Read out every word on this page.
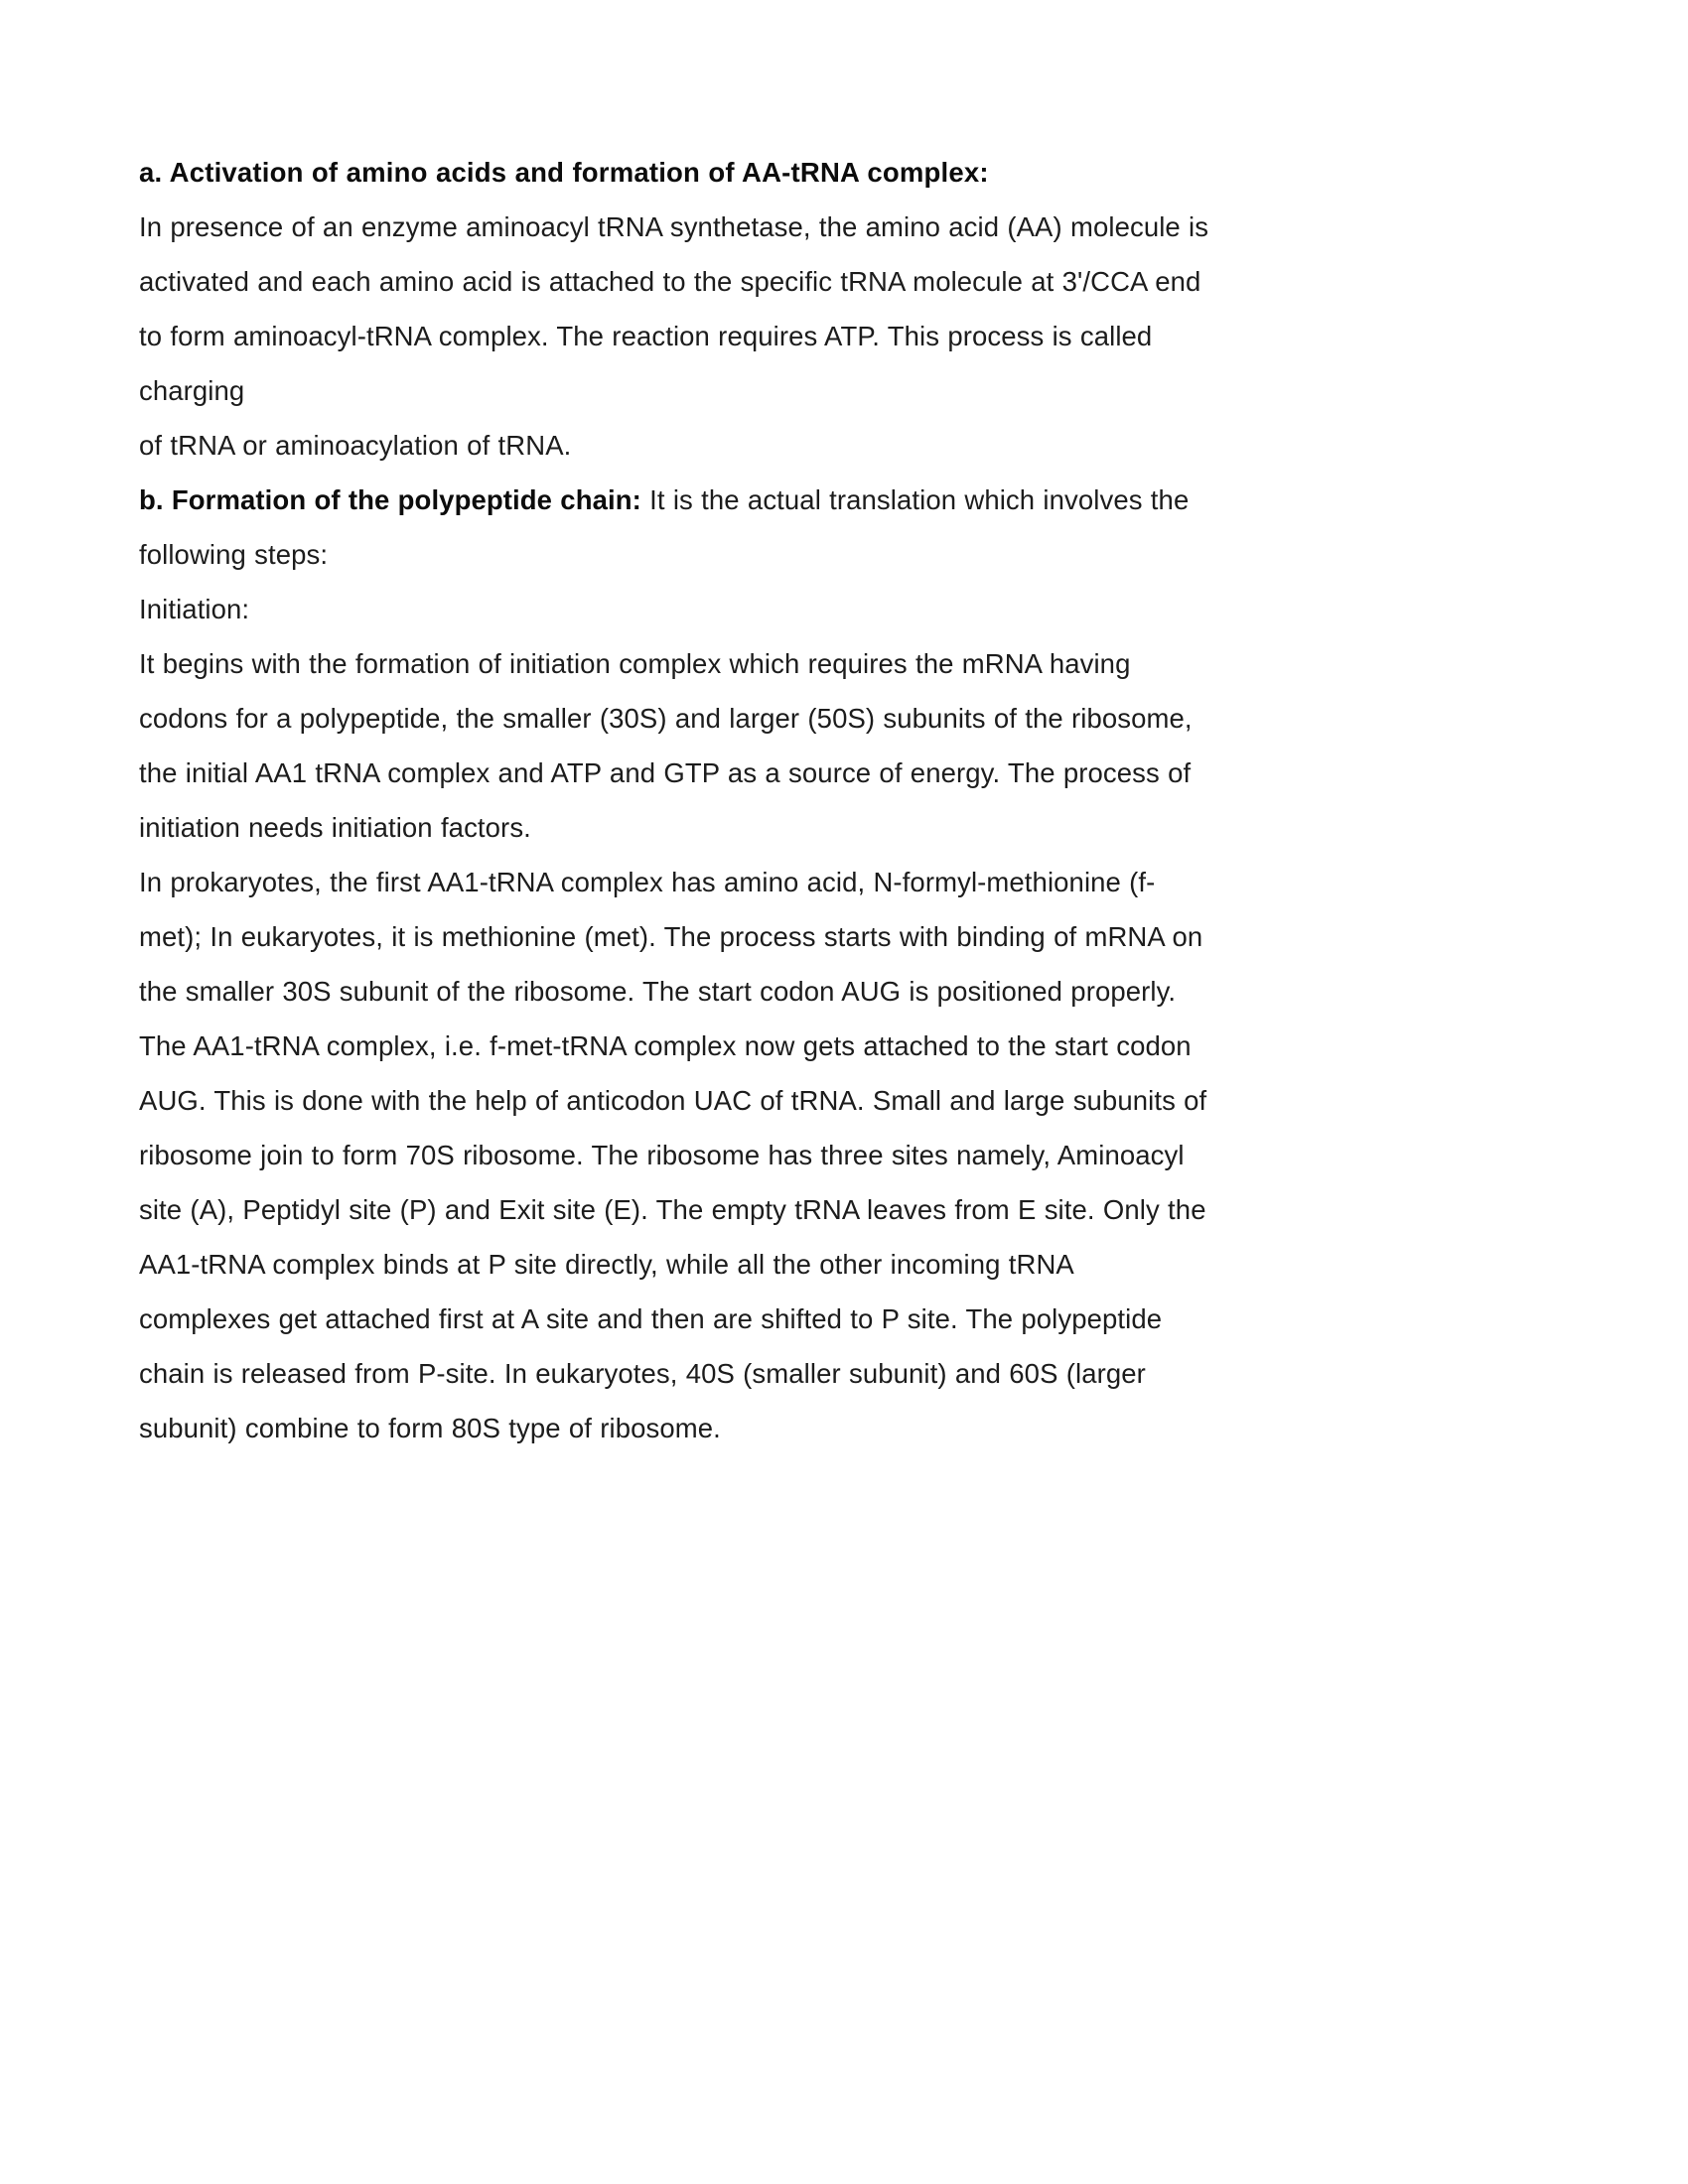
a. Activation of amino acids and formation of AA-tRNA complex:
In presence of an enzyme aminoacyl tRNA synthetase, the amino acid (AA) molecule is
activated and each amino acid is attached to the specific tRNA molecule at 3'/CCA end
to form aminoacyl-tRNA complex. The reaction requires ATP. This process is called
charging
of tRNA or aminoacylation of tRNA.
b. Formation of the polypeptide chain: It is the actual translation which involves the
following steps:
Initiation:
It begins with the formation of initiation complex which requires the mRNA having
codons for a polypeptide, the smaller (30S) and larger (50S) subunits of the ribosome,
the initial AA1 tRNA complex and ATP and GTP as a source of energy. The process of
initiation needs initiation factors.
In prokaryotes, the first AA1-tRNA complex has amino acid, N-formyl-methionine (f-
met); In eukaryotes, it is methionine (met). The process starts with binding of mRNA on
the smaller 30S subunit of the ribosome. The start codon AUG is positioned properly.
The AA1-tRNA complex, i.e. f-met-tRNA complex now gets attached to the start codon
AUG. This is done with the help of anticodon UAC of tRNA. Small and large subunits of
ribosome join to form 70S ribosome. The ribosome has three sites namely, Aminoacyl
site (A), Peptidyl site (P) and Exit site (E). The empty tRNA leaves from E site. Only the
AA1-tRNA complex binds at P site directly, while all the other incoming tRNA
complexes get attached first at A site and then are shifted to P site. The polypeptide
chain is released from P-site. In eukaryotes, 40S (smaller subunit) and 60S (larger
subunit) combine to form 80S type of ribosome.
